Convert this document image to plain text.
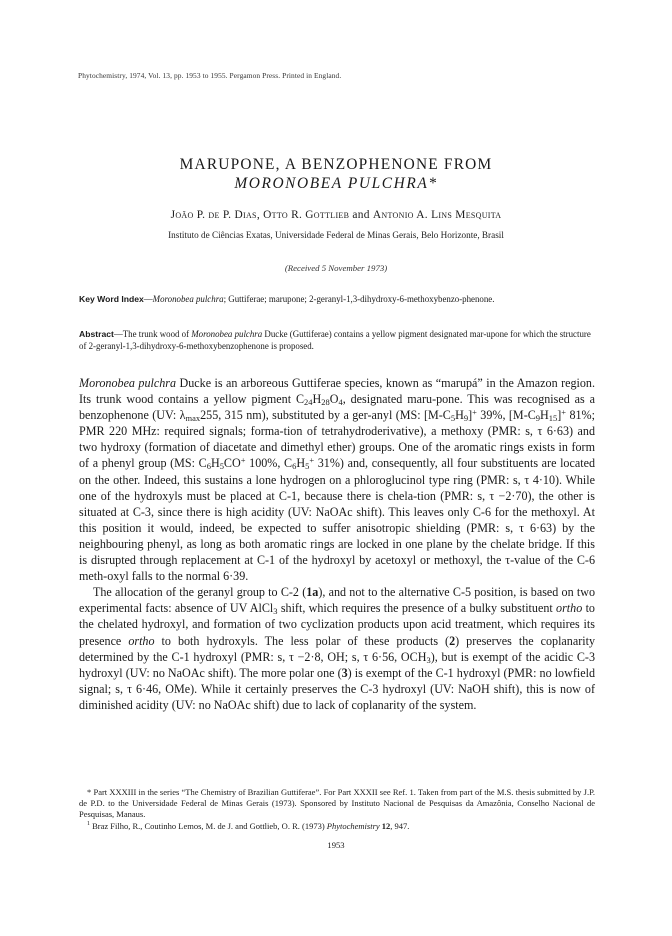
Phytochemistry, 1974, Vol. 13, pp. 1953 to 1955. Pergamon Press. Printed in England.
MARUPONE, A BENZOPHENONE FROM
MORONOBEA PULCHRA*
João P. de P. Dias, Otto R. Gottlieb and Antonio A. Lins Mesquita
Instituto de Ciências Exatas, Universidade Federal de Minas Gerais, Belo Horizonte, Brasil
(Received 5 November 1973)
Key Word Index—Moronobea pulchra; Guttiferae; marupone; 2-geranyl-1,3-dihydroxy-6-methoxybenzo-phenone.
Abstract—The trunk wood of Moronobea pulchra Ducke (Guttiferae) contains a yellow pigment designated mar-upone for which the structure of 2-geranyl-1,3-dihydroxy-6-methoxybenzophenone is proposed.

Moronobea pulchra Ducke is an arboreous Guttiferae species, known as “marupá” in the Amazon region. Its trunk wood contains a yellow pigment $C_{24}H_{28}O_4$, designated maru-pone. This was recognised as a benzophenone (UV: $\lambda_{max}255$, 315 nm), substituted by a ger-anyl (MS: $[M-C_5H_9]^+$ 39%, $[M-C_9H_{15}]^+$ 81%; PMR 220 MHz: required signals; forma-tion of tetrahydroderivative), a methoxy (PMR: s, τ 6·63) and two hydroxy (formation of diacetate and dimethyl ether) groups. One of the aromatic rings exists in form of a phenyl group (MS: $C_6H_5CO^+$ 100%, $C_6H_5^+$ 31%) and, consequently, all four substituents are located on the other. Indeed, this sustains a lone hydrogen on a phloroglucinol type ring (PMR: s, τ 4·10). While one of the hydroxyls must be placed at C-1, because there is chela-tion (PMR: s, τ −2·70), the other is situated at C-3, since there is high acidity (UV: NaOAc shift). This leaves only C-6 for the methoxyl. At this position it would, indeed, be expected to suffer anisotropic shielding (PMR: s, τ 6·63) by the neighbouring phenyl, as long as both aromatic rings are locked in one plane by the chelate bridge. If this is disrupted through replacement at C-1 of the hydroxyl by acetoxyl or methoxyl, the τ-value of the C-6 meth-oxyl falls to the normal 6·39.

The allocation of the geranyl group to C-2 (1a), and not to the alternative C-5 position, is based on two experimental facts: absence of UV AlCl$_3$ shift, which requires the presence of a bulky substituent ortho to the chelated hydroxyl, and formation of two cyclization products upon acid treatment, which requires its presence ortho to both hydroxyls. The less polar of these products (2) preserves the coplanarity determined by the C-1 hydroxyl (PMR: s, τ −2·8, OH; s, τ 6·56, $OCH_3$), but is exempt of the acidic C-3 hydroxyl (UV: no NaOAc shift). The more polar one (3) is exempt of the C-1 hydroxyl (PMR: no lowfield signal; s, τ 6·46, OMe). While it certainly preserves the C-3 hydroxyl (UV: NaOH shift), this is now of diminished acidity (UV: no NaOAc shift) due to lack of coplanarity of the system.

* Part XXXIII in the series “The Chemistry of Brazilian Guttiferae”. For Part XXXII see Ref. 1. Taken from part of the M.S. thesis submitted by J.P. de P.D. to the Universidade Federal de Minas Gerais (1973). Sponsored by Instituto Nacional de Pesquisas da Amazônia, Conselho Nacional de Pesquisas, Manaus.

$^1$ Braz Filho, R., Coutinho Lemos, M. de J. and Gottlieb, O. R. (1973) Phytochemistry 12, 947.

1953
